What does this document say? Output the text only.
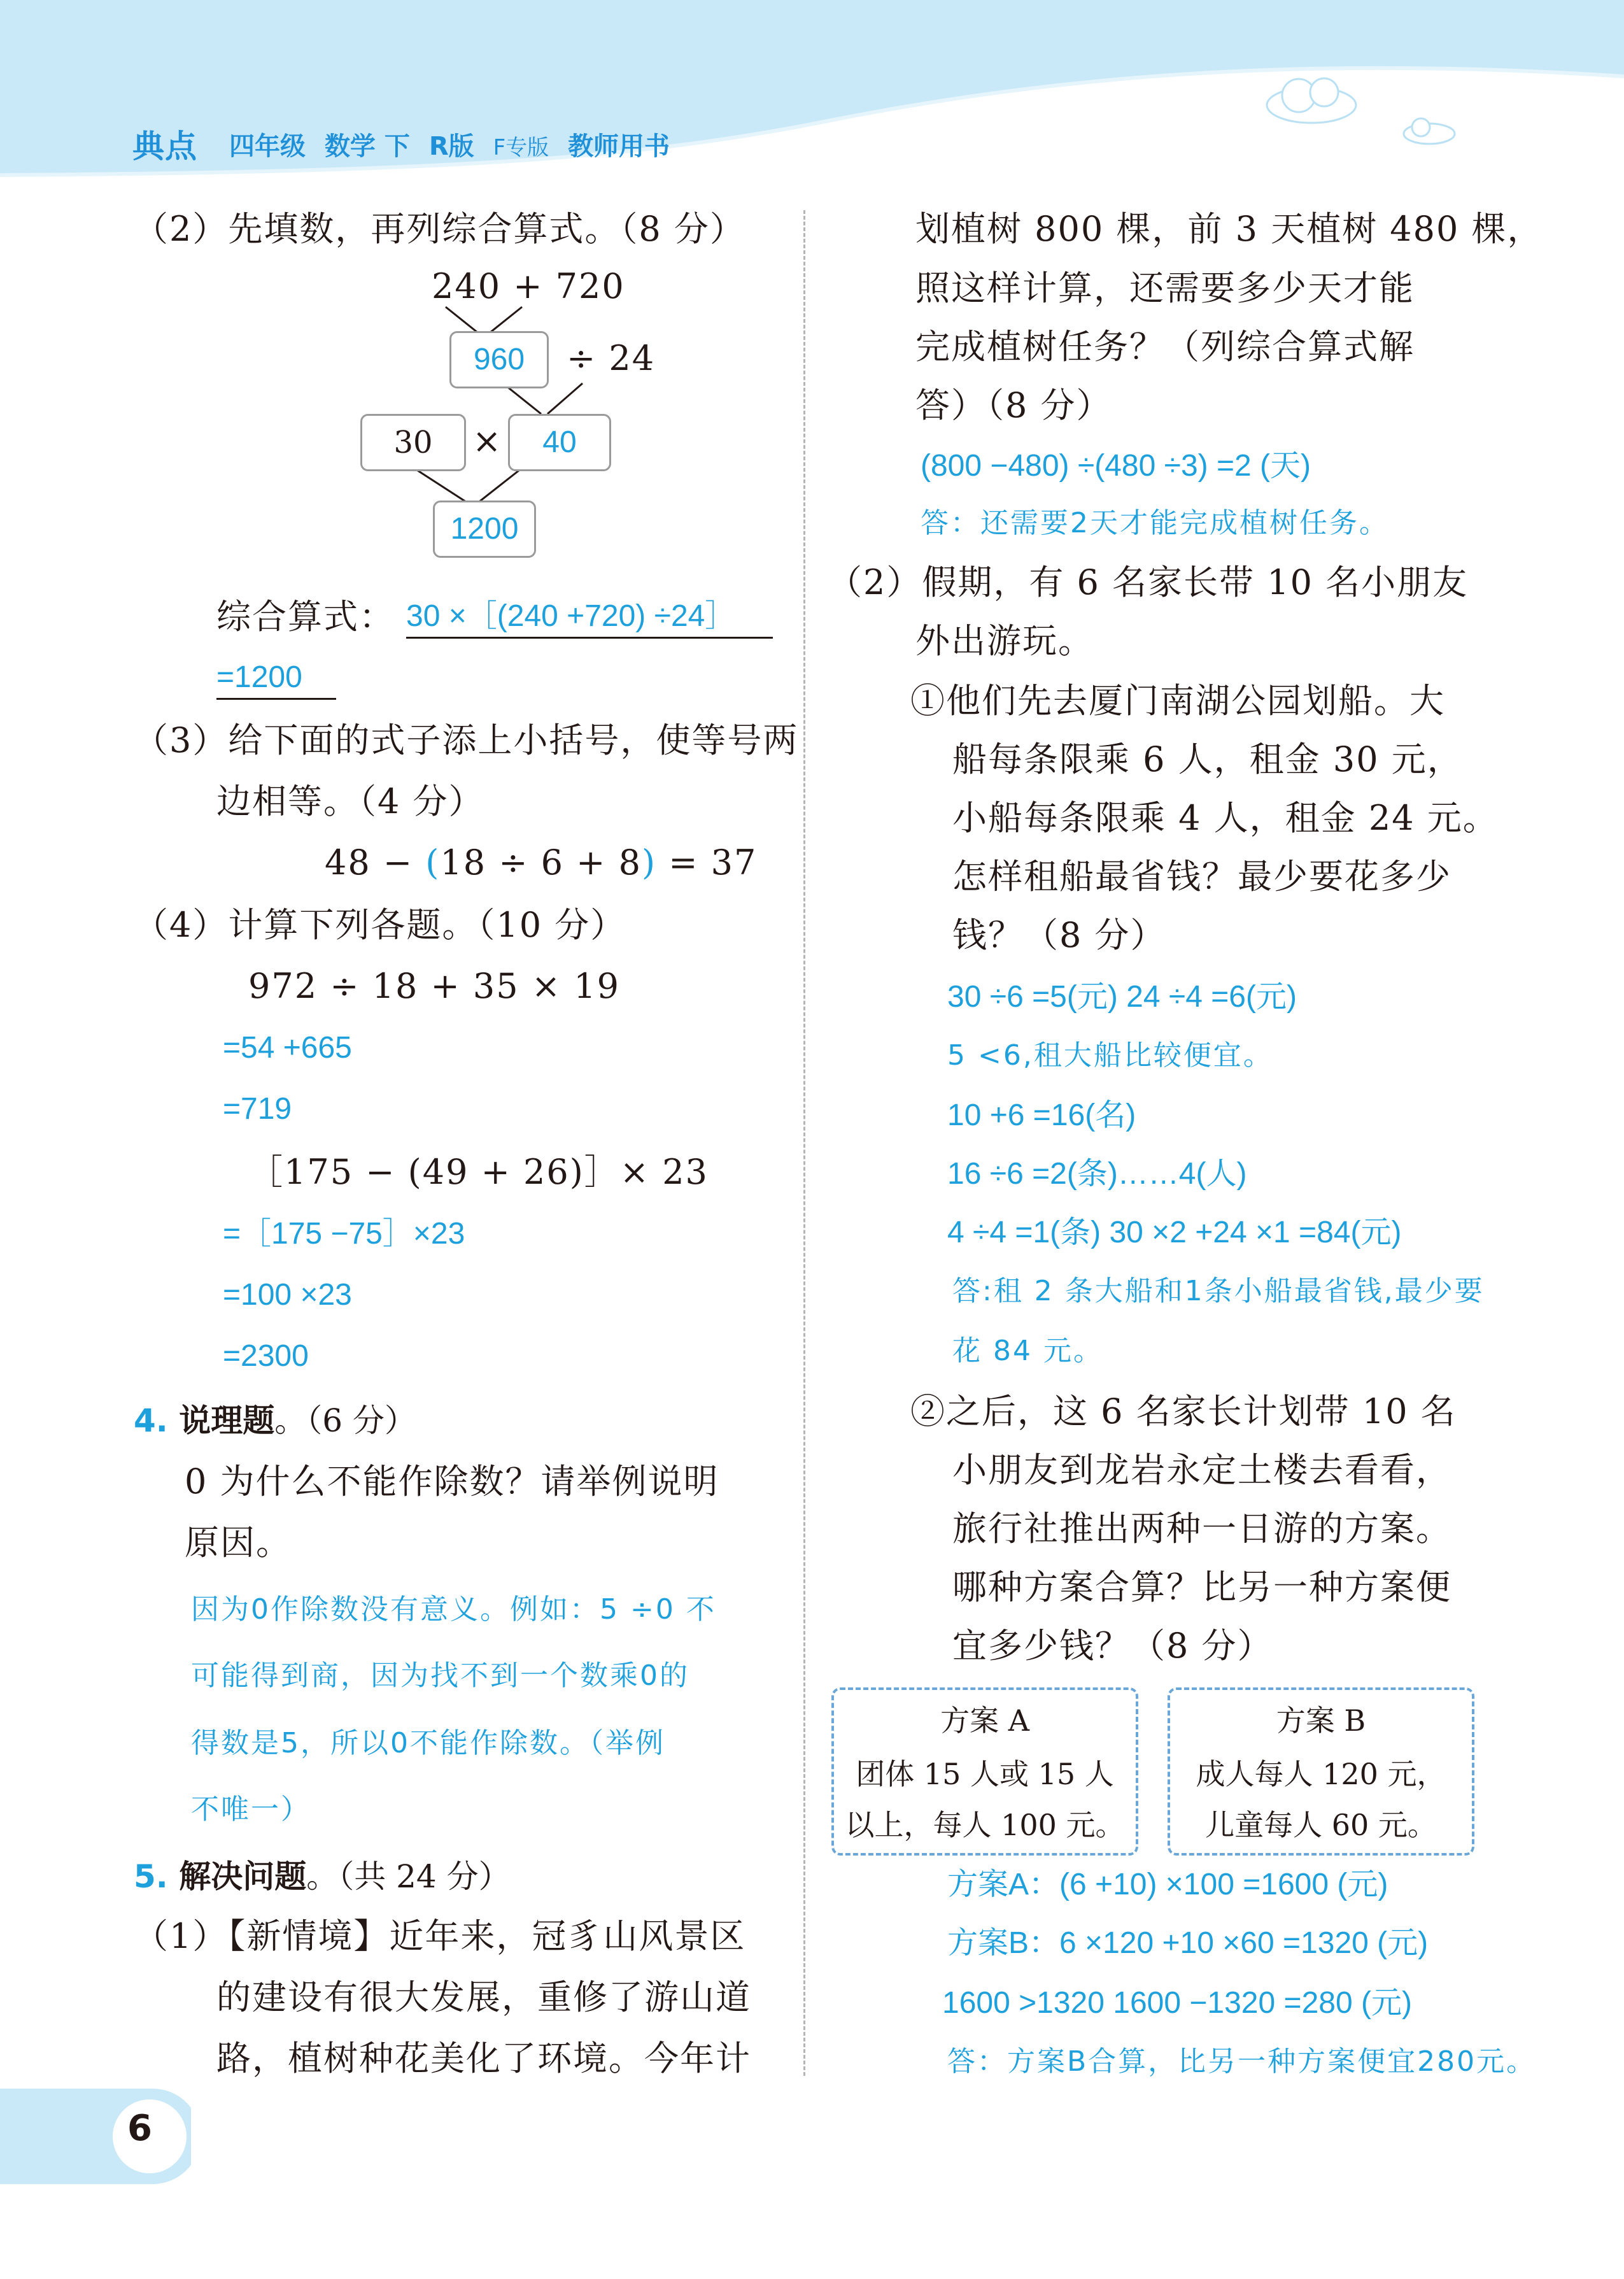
典点 四年级 数学 下 R版 F专版 教师用书
（2）先填数，再列综合算式。（8 分）
240 + 720
960	÷ 24
30	×	40
1200
综合算式： 30 ×［(240 +720) ÷24］
=1200
（3）给下面的式子添上小括号，使等号两
边相等。（4 分）
48 − (18 ÷ 6 + 8) = 37
（4）计算下列各题。（10 分）
972 ÷ 18 + 35 × 19
=54 +665
=719
［175 − (49 + 26)］× 23
=［175 −75］×23
=100 ×23
=2300
4. 说理题。（6 分）
0 为什么不能作除数？请举例说明
原因。
因为0作除数没有意义。例如：5 ÷0 不
可能得到商，因为找不到一个数乘0的
得数是5，所以0不能作除数。（举例
不唯一）
5. 解决问题。（共 24 分）
（1）【新情境】近年来，冠豸山风景区
的建设有很大发展，重修了游山道
路，植树种花美化了环境。今年计
划植树 800 棵，前 3 天植树 480 棵，
照这样计算，还需要多少天才能
完成植树任务？（列综合算式解
答）（8 分）
(800 −480) ÷(480 ÷3) =2 (天)
答：还需要2天才能完成植树任务。
（2）假期，有 6 名家长带 10 名小朋友
外出游玩。
①他们先去厦门南湖公园划船。大
船每条限乘 6 人，租金 30 元，
小船每条限乘 4 人，租金 24 元。
怎样租船最省钱？最少要花多少
钱？（8 分）
30 ÷6 =5(元) 24 ÷4 =6(元)
5 <6,租大船比较便宜。
10 +6 =16(名)
16 ÷6 =2(条)……4(人)
4 ÷4 =1(条) 30 ×2 +24 ×1 =84(元)
答:租 2 条大船和1条小船最省钱,最少要
花 84 元。
②之后，这 6 名家长计划带 10 名
小朋友到龙岩永定土楼去看看，
旅行社推出两种一日游的方案。
哪种方案合算？比另一种方案便
宜多少钱？（8 分）
方案 A
团体 15 人或 15 人
以上，每人 100 元。
方案 B
成人每人 120 元，
儿童每人 60 元。
方案A：(6 +10) ×100 =1600 (元)
方案B：6 ×120 +10 ×60 =1320 (元)
1600 >1320 1600 −1320 =280 (元)
答：方案B合算，比另一种方案便宜280元。
6
